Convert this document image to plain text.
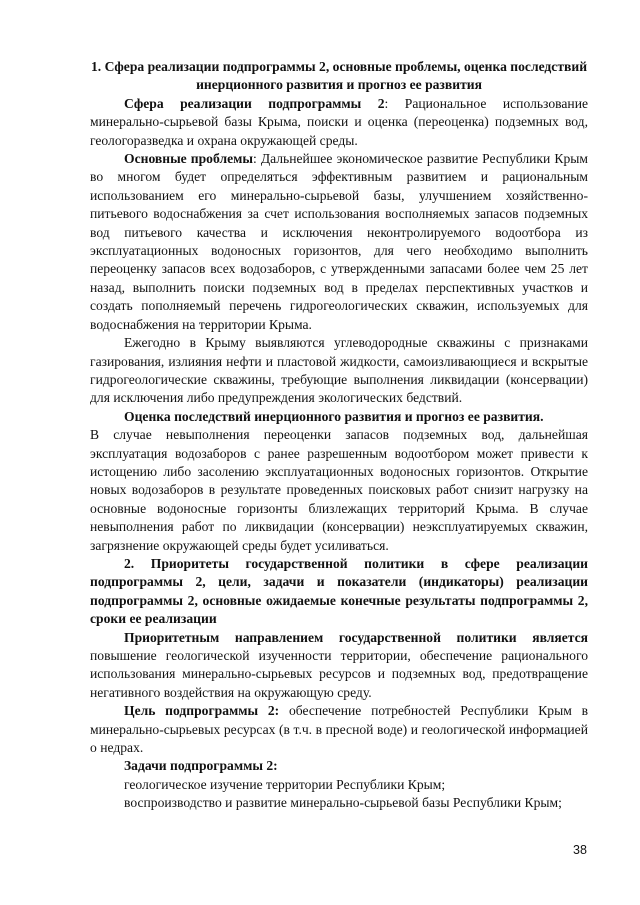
1. Сфера реализации подпрограммы 2, основные проблемы, оценка последствий инерционного развития и прогноз ее развития

Сфера реализации подпрограммы 2: Рациональное использование минерально-сырьевой базы Крыма, поиски и оценка (переоценка) подземных вод, геологоразведка и охрана окружающей среды.

Основные проблемы: Дальнейшее экономическое развитие Республики Крым во многом будет определяться эффективным развитием и рациональным использованием его минерально-сырьевой базы, улучшением хозяйственно-питьевого водоснабжения за счет использования восполняемых запасов подземных вод питьевого качества и исключения неконтролируемого водоотбора из эксплуатационных водоносных горизонтов, для чего необходимо выполнить переоценку запасов всех водозаборов, с утвержденными запасами более чем 25 лет назад, выполнить поиски подземных вод в пределах перспективных участков и создать пополняемый перечень гидрогеологических скважин, используемых для водоснабжения на территории Крыма.

Ежегодно в Крыму выявляются углеводородные скважины с признаками газирования, излияния нефти и пластовой жидкости, самоизливающиеся и вскрытые гидрогеологические скважины, требующие выполнения ликвидации (консервации) для исключения либо предупреждения экологических бедствий.

Оценка последствий инерционного развития и прогноз ее развития.

В случае невыполнения переоценки запасов подземных вод, дальнейшая эксплуатация водозаборов с ранее разрешенным водоотбором может привести к истощению либо засолению эксплуатационных водоносных горизонтов. Открытие новых водозаборов в результате проведенных поисковых работ снизит нагрузку на основные водоносные горизонты близлежащих территорий Крыма. В случае невыполнения работ по ликвидации (консервации) неэксплуатируемых скважин, загрязнение окружающей среды будет усиливаться.

2. Приоритеты государственной политики в сфере реализации подпрограммы 2, цели, задачи и показатели (индикаторы) реализации подпрограммы 2, основные ожидаемые конечные результаты подпрограммы 2, сроки ее реализации

Приоритетным направлением государственной политики является повышение геологической изученности территории, обеспечение рационального использования минерально-сырьевых ресурсов и подземных вод, предотвращение негативного воздействия на окружающую среду.

Цель подпрограммы 2: обеспечение потребностей Республики Крым в минерально-сырьевых ресурсах (в т.ч. в пресной воде) и геологической информацией о недрах.

Задачи подпрограммы 2:

геологическое изучение территории Республики Крым;

воспроизводство и развитие минерально-сырьевой базы Республики Крым;

38
